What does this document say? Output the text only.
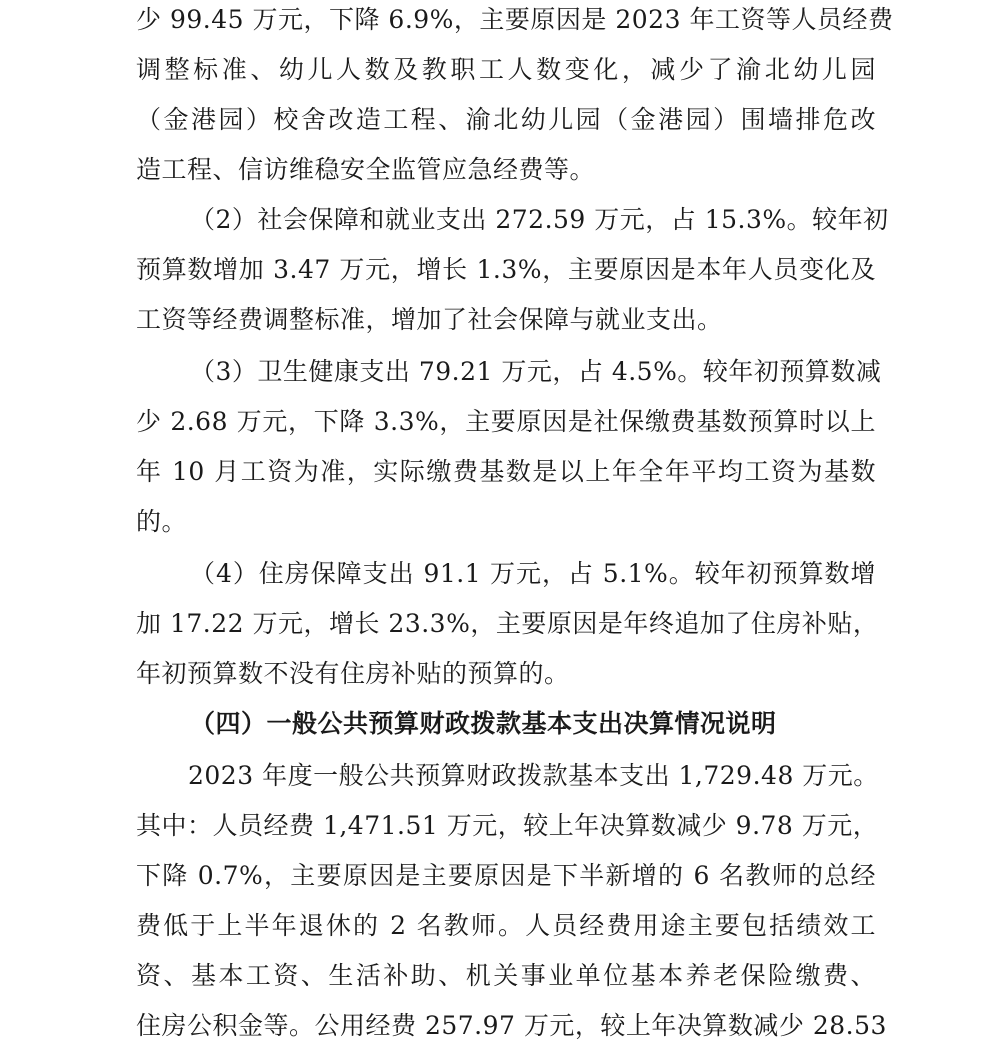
少 99.45 万元，下降 6.9%，主要原因是 2023 年工资等人员经费
调整标准、幼儿人数及教职工人数变化，减少了渝北幼儿园
（金港园）校舍改造工程、渝北幼儿园（金港园）围墙排危改
造工程、信访维稳安全监管应急经费等。
（2）社会保障和就业支出 272.59 万元，占 15.3%。较年初
预算数增加 3.47 万元，增长 1.3%，主要原因是本年人员变化及
工资等经费调整标准，增加了社会保障与就业支出。
（3）卫生健康支出 79.21 万元，占 4.5%。较年初预算数减
少 2.68 万元，下降 3.3%，主要原因是社保缴费基数预算时以上
年 10 月工资为准，实际缴费基数是以上年全年平均工资为基数
的。
（4）住房保障支出 91.1 万元，占 5.1%。较年初预算数增
加 17.22 万元，增长 23.3%，主要原因是年终追加了住房补贴，
年初预算数不没有住房补贴的预算的。
（四）一般公共预算财政拨款基本支出决算情况说明
2023 年度一般公共预算财政拨款基本支出 1,729.48 万元。
其中：人员经费 1,471.51 万元，较上年决算数减少 9.78 万元，
下降 0.7%，主要原因是主要原因是下半新增的 6 名教师的总经
费低于上半年退休的 2 名教师。人员经费用途主要包括绩效工
资、基本工资、生活补助、机关事业单位基本养老保险缴费、
住房公积金等。公用经费 257.97 万元，较上年决算数减少 28.53
